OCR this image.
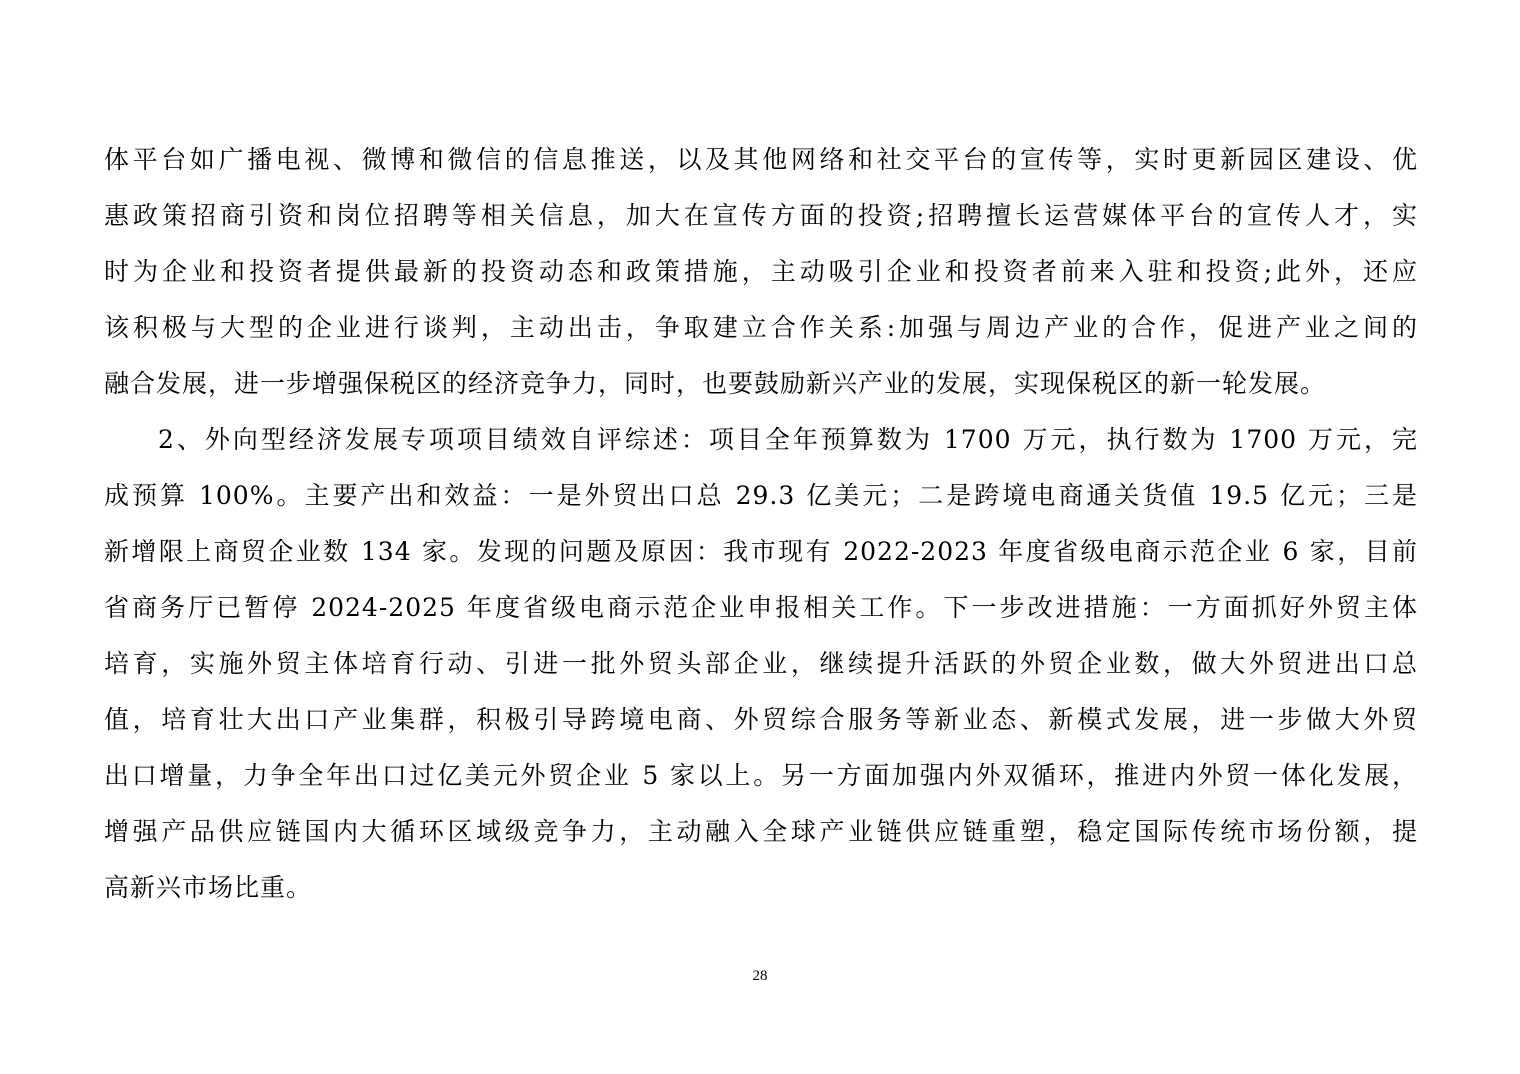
体平台如广播电视、微博和微信的信息推送，以及其他网络和社交平台的宣传等，实时更新园区建设、优
惠政策招商引资和岗位招聘等相关信息，加大在宣传方面的投资;招聘擅长运营媒体平台的宣传人才，实
时为企业和投资者提供最新的投资动态和政策措施，主动吸引企业和投资者前来入驻和投资;此外，还应
该积极与大型的企业进行谈判，主动出击，争取建立合作关系:加强与周边产业的合作，促进产业之间的
融合发展，进一步增强保税区的经济竞争力，同时，也要鼓励新兴产业的发展，实现保税区的新一轮发展。
2、外向型经济发展专项项目绩效自评综述：项目全年预算数为 1700 万元，执行数为 1700 万元，完
成预算 100%。主要产出和效益：一是外贸出口总 29.3 亿美元；二是跨境电商通关货值 19.5 亿元；三是
新增限上商贸企业数 134 家。发现的问题及原因：我市现有 2022-2023 年度省级电商示范企业 6 家，目前
省商务厅已暂停 2024-2025 年度省级电商示范企业申报相关工作。下一步改进措施：一方面抓好外贸主体
培育，实施外贸主体培育行动、引进一批外贸头部企业，继续提升活跃的外贸企业数，做大外贸进出口总
值，培育壮大出口产业集群，积极引导跨境电商、外贸综合服务等新业态、新模式发展，进一步做大外贸
出口增量，力争全年出口过亿美元外贸企业 5 家以上。另一方面加强内外双循环，推进内外贸一体化发展，
增强产品供应链国内大循环区域级竞争力，主动融入全球产业链供应链重塑，稳定国际传统市场份额，提
高新兴市场比重。
28
